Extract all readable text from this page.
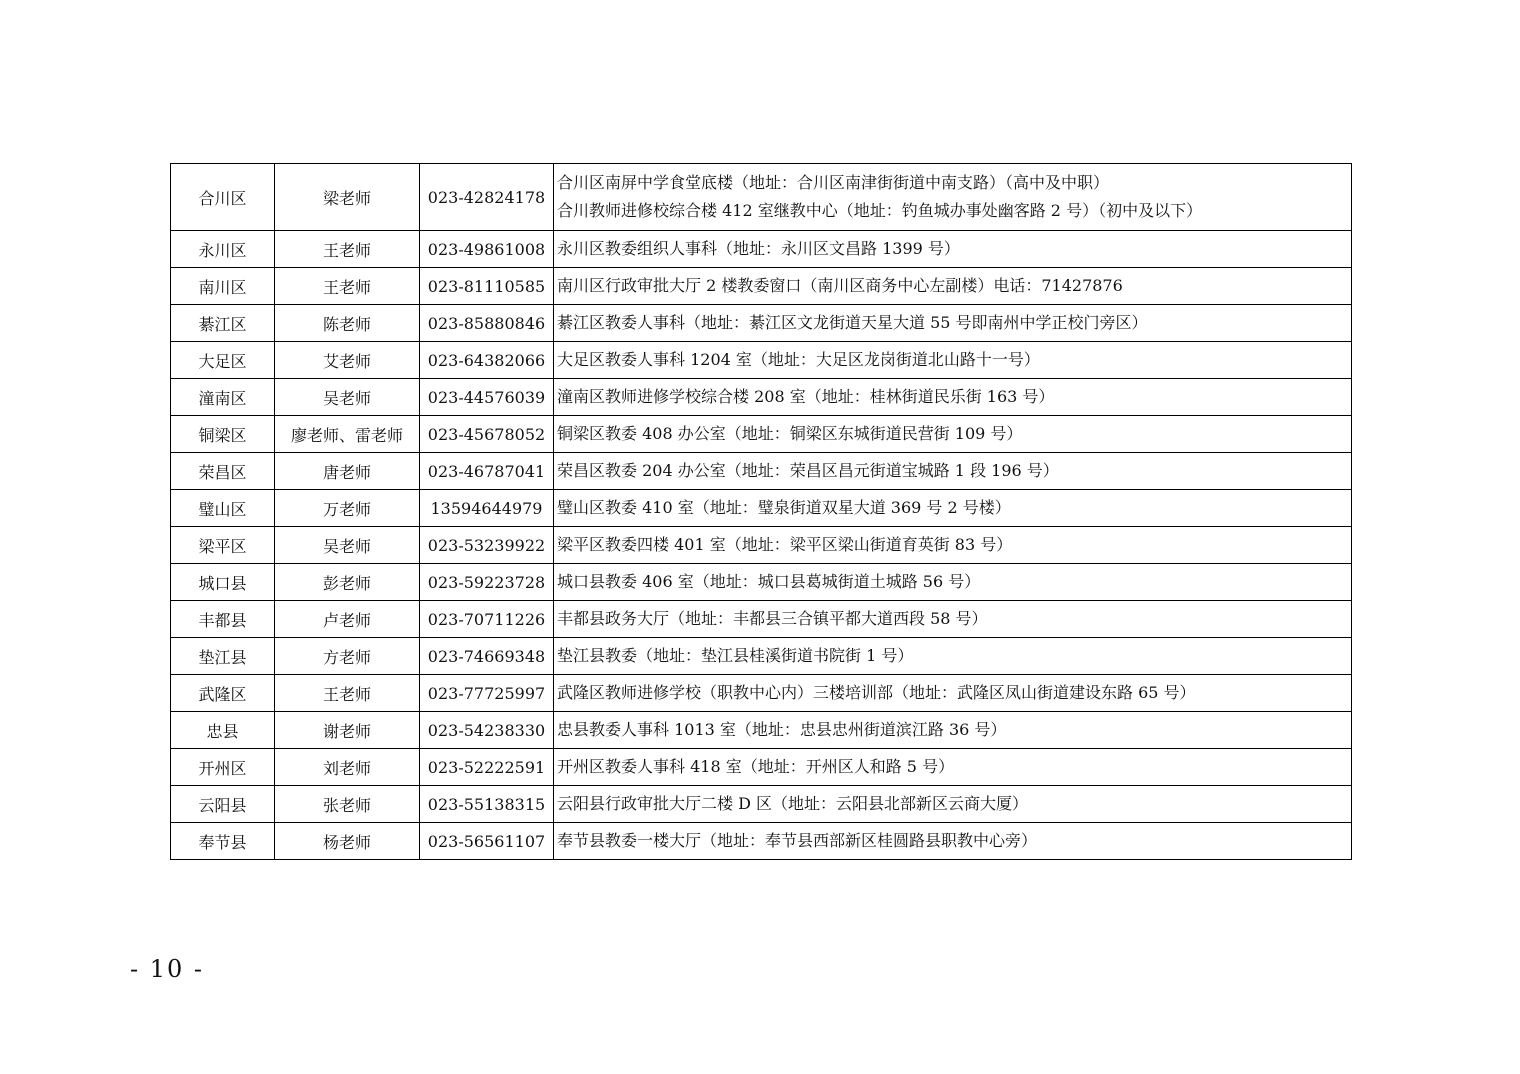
合川区	梁老师	023-42824178	合川区南屏中学食堂底楼（地址：合川区南津街街道中南支路）（高中及中职）
合川教师进修校综合楼 412 室继教中心（地址：钓鱼城办事处幽客路 2 号）（初中及以下）

永川区	王老师	023-49861008	永川区教委组织人事科（地址：永川区文昌路 1399 号）

南川区	王老师	023-81110585	南川区行政审批大厅 2 楼教委窗口（南川区商务中心左副楼）电话：71427876

綦江区	陈老师	023-85880846	綦江区教委人事科（地址：綦江区文龙街道天星大道 55 号即南州中学正校门旁区）

大足区	艾老师	023-64382066	大足区教委人事科 1204 室（地址：大足区龙岗街道北山路十一号）

潼南区	吴老师	023-44576039	潼南区教师进修学校综合楼 208 室（地址：桂林街道民乐街 163 号）

铜梁区	廖老师、雷老师	023-45678052	铜梁区教委 408 办公室（地址：铜梁区东城街道民营街 109 号）

荣昌区	唐老师	023-46787041	荣昌区教委 204 办公室（地址：荣昌区昌元街道宝城路 1 段 196 号）

璧山区	万老师	13594644979	璧山区教委 410 室（地址：璧泉街道双星大道 369 号 2 号楼）

梁平区	吴老师	023-53239922	梁平区教委四楼 401 室（地址：梁平区梁山街道育英街 83 号）

城口县	彭老师	023-59223728	城口县教委 406 室（地址：城口县葛城街道土城路 56 号）

丰都县	卢老师	023-70711226	丰都县政务大厅（地址：丰都县三合镇平都大道西段 58 号）

垫江县	方老师	023-74669348	垫江县教委（地址：垫江县桂溪街道书院街 1 号）

武隆区	王老师	023-77725997	武隆区教师进修学校（职教中心内）三楼培训部（地址：武隆区凤山街道建设东路 65 号）

忠县	谢老师	023-54238330	忠县教委人事科 1013 室（地址：忠县忠州街道滨江路 36 号）

开州区	刘老师	023-52222591	开州区教委人事科 418 室（地址：开州区人和路 5 号）

云阳县	张老师	023-55138315	云阳县行政审批大厅二楼 D 区（地址：云阳县北部新区云商大厦）

奉节县	杨老师	023-56561107	奉节县教委一楼大厅（地址：奉节县西部新区桂圆路县职教中心旁）
- 10 -
